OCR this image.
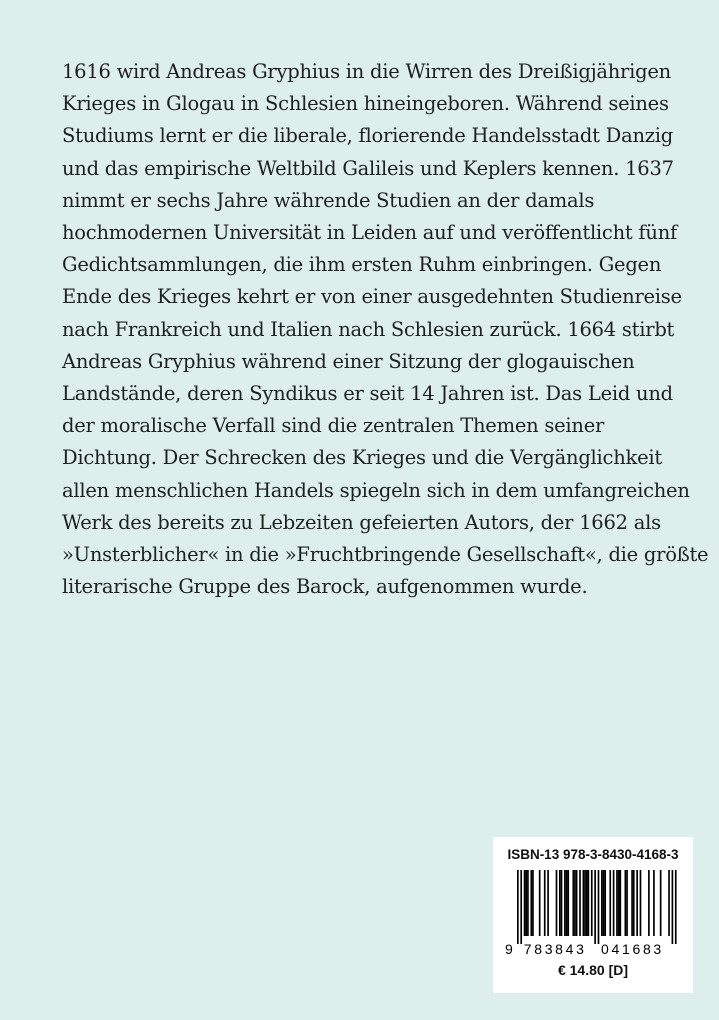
1616 wird Andreas Gryphius in die Wirren des Dreißigjährigen
Krieges in Glogau in Schlesien hineingeboren. Während seines
Studiums lernt er die liberale, florierende Handelsstadt Danzig
und das empirische Weltbild Galileis und Keplers kennen. 1637
nimmt er sechs Jahre währende Studien an der damals
hochmodernen Universität in Leiden auf und veröffentlicht fünf
Gedichtsammlungen, die ihm ersten Ruhm einbringen. Gegen
Ende des Krieges kehrt er von einer ausgedehnten Studienreise
nach Frankreich und Italien nach Schlesien zurück. 1664 stirbt
Andreas Gryphius während einer Sitzung der glogauischen
Landstände, deren Syndikus er seit 14 Jahren ist. Das Leid und
der moralische Verfall sind die zentralen Themen seiner
Dichtung. Der Schrecken des Krieges und die Vergänglichkeit
allen menschlichen Handels spiegeln sich in dem umfangreichen
Werk des bereits zu Lebzeiten gefeierten Autors, der 1662 als
»Unsterblicher« in die »Fruchtbringende Gesellschaft«, die größte
literarische Gruppe des Barock, aufgenommen wurde.
ISBN-13 978-3-8430-4168-3
9 783843 041683
€ 14.80 [D]
